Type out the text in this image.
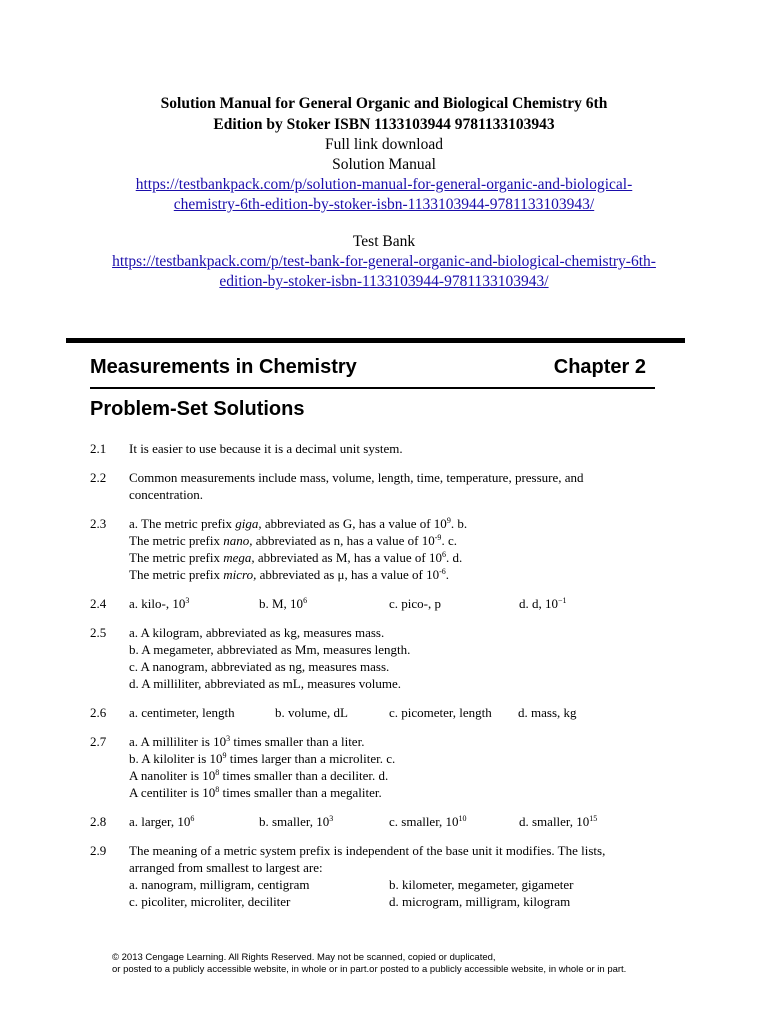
Solution Manual for General Organic and Biological Chemistry 6th
Edition by Stoker ISBN 1133103944 9781133103943
Full link download
Solution Manual
https://testbankpack.com/p/solution-manual-for-general-organic-and-biological-
chemistry-6th-edition-by-stoker-isbn-1133103944-9781133103943/
Test Bank
https://testbankpack.com/p/test-bank-for-general-organic-and-biological-chemistry-6th-
edition-by-stoker-isbn-1133103944-9781133103943/
Measurements in Chemistry	Chapter 2
Problem-Set Solutions
2.1	It is easier to use because it is a decimal unit system.
2.2	Common measurements include mass, volume, length, time, temperature, pressure, and
concentration.
2.3	a. The metric prefix giga, abbreviated as G, has a value of $10^9$. b.
The metric prefix nano, abbreviated as n, has a value of $10^{-9}$. c.
The metric prefix mega, abbreviated as M, has a value of $10^6$. d.
The metric prefix micro, abbreviated as μ, has a value of $10^{-6}$.
2.4	a. kilo-, $10^3$	b. M, $10^6$	c. pico-, p	d. d, $10^{-1}$
2.5	a. A kilogram, abbreviated as kg, measures mass.
b. A megameter, abbreviated as Mm, measures length.
c. A nanogram, abbreviated as ng, measures mass.
d. A milliliter, abbreviated as mL, measures volume.
2.6	a. centimeter, length	b. volume, dL	c. picometer, length	d. mass, kg
2.7	a. A milliliter is $10^3$ times smaller than a liter.
b. A kiloliter is $10^9$ times larger than a microliter. c.
A nanoliter is $10^8$ times smaller than a deciliter. d.
A centiliter is $10^8$ times smaller than a megaliter.
2.8	a. larger, $10^6$	b. smaller, $10^3$	c. smaller, $10^{10}$	d. smaller, $10^{15}$
2.9	The meaning of a metric system prefix is independent of the base unit it modifies. The lists,
arranged from smallest to largest are:
a. nanogram, milligram, centigram	b. kilometer, megameter, gigameter
c. picoliter, microliter, deciliter	d. microgram, milligram, kilogram
© 2013 Cengage Learning. All Rights Reserved. May not be scanned, copied or duplicated,
or posted to a publicly accessible website, in whole or in part.or posted to a publicly accessible website, in whole or in part.
